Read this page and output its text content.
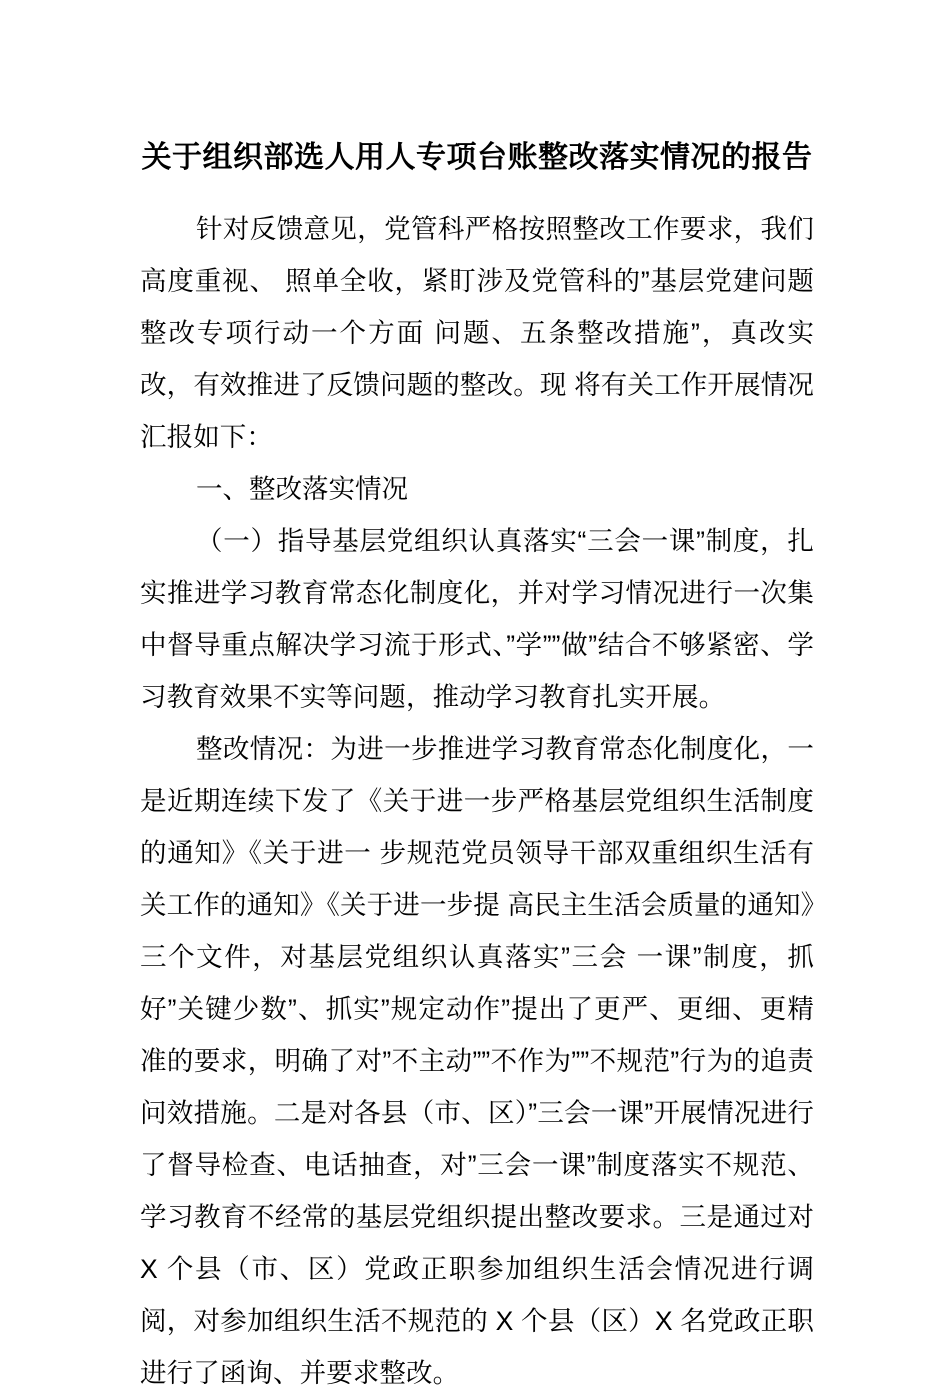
关于组织部选人用人专项台账整改落实情况的报告

针对反馈意见，党管科严格按照整改工作要求，我们高度重视、 照单全收，紧盯涉及党管科的”基层党建问题整改专项行动一个方面 问题、五条整改措施”，真改实改，有效推进了反馈问题的整改。现 将有关工作开展情况汇报如下：

一、整改落实情况

（一）指导基层党组织认真落实“三会一课”制度，扎实推进学习教育常态化制度化，并对学习情况进行一次集中督导重点解决学习流于形式、”学””做”结合不够紧密、学习教育效果不实等问题，推动学习教育扎实开展。

整改情况：为进一步推进学习教育常态化制度化，一是近期连续下发了《关于进一步严格基层党组织生活制度的通知》《关于进一 步规范党员领导干部双重组织生活有关工作的通知》《关于进一步提 高民主生活会质量的通知》三个文件，对基层党组织认真落实”三会 一课”制度，抓好”关键少数”、抓实”规定动作”提出了更严、更细、更精准的要求，明确了对”不主动””不作为””不规范”行为的追责问效措施。二是对各县（市、区）”三会一课”开展情况进行 了督导检查、电话抽查，对”三会一课”制度落实不规范、学习教育不经常的基层党组织提出整改要求。三是通过对 X 个县（市、区）党政正职参加组织生活会情况进行调阅，对参加组织生活不规范的 X 个县（区）X 名党政正职进行了函询、并要求整改。
